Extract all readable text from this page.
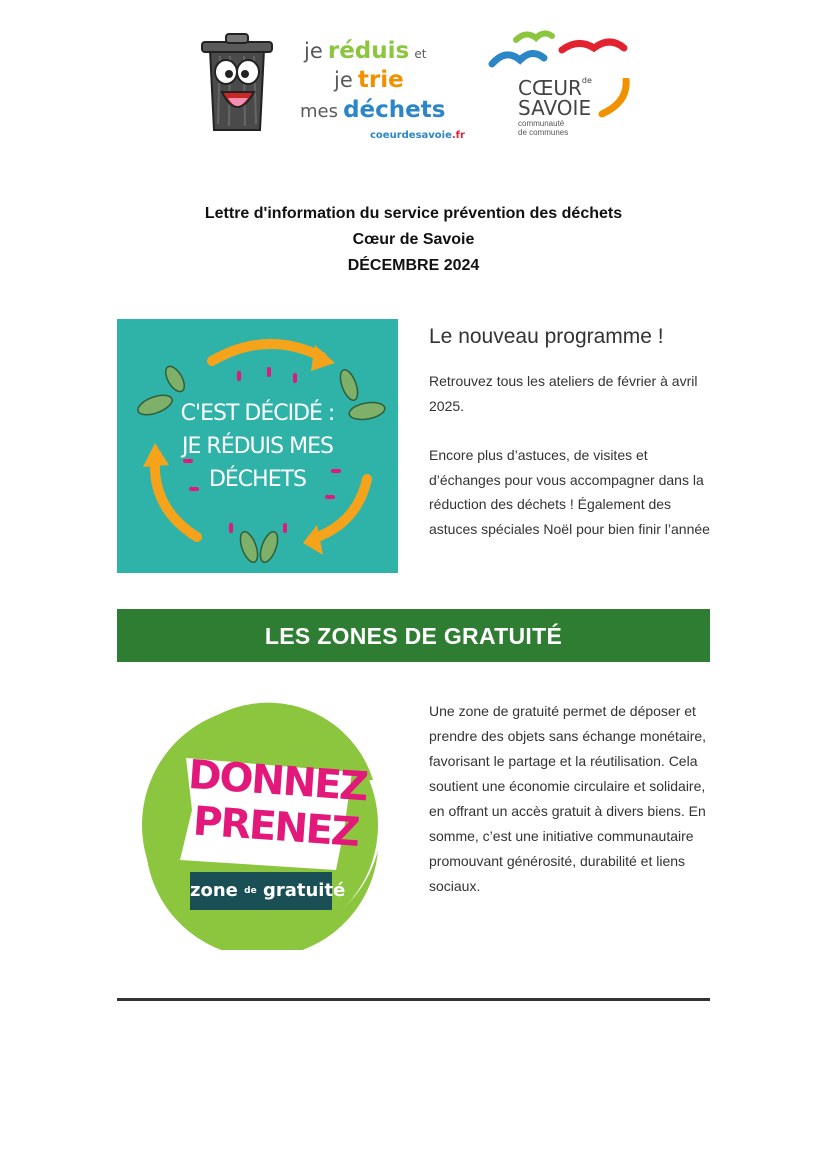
je réduis et
je trie
mes déchets
coeurdesavoie.fr
$CŒUR^{de}$
SAVOIE
communauté
de communes
Lettre d'information du service prévention des déchets
Cœur de Savoie
DÉCEMBRE 2024
C'EST DÉCIDÉ :
JE RÉDUIS MES
DÉCHETS
Le nouveau programme !
Retrouvez tous les ateliers de février à avril 2025.
Encore plus d’astuces, de visites et d’échanges pour vous accompagner dans la réduction des déchets ! Également des astuces spéciales Noël pour bien finir l’année
LES ZONES DE GRATUITÉ
DONNEZ
PRENEZ
zone de gratuité
Une zone de gratuité permet de déposer et prendre des objets sans échange monétaire, favorisant le partage et la réutilisation. Cela soutient une économie circulaire et solidaire, en offrant un accès gratuit à divers biens. En somme, c’est une initiative communautaire promouvant générosité, durabilité et liens sociaux.
